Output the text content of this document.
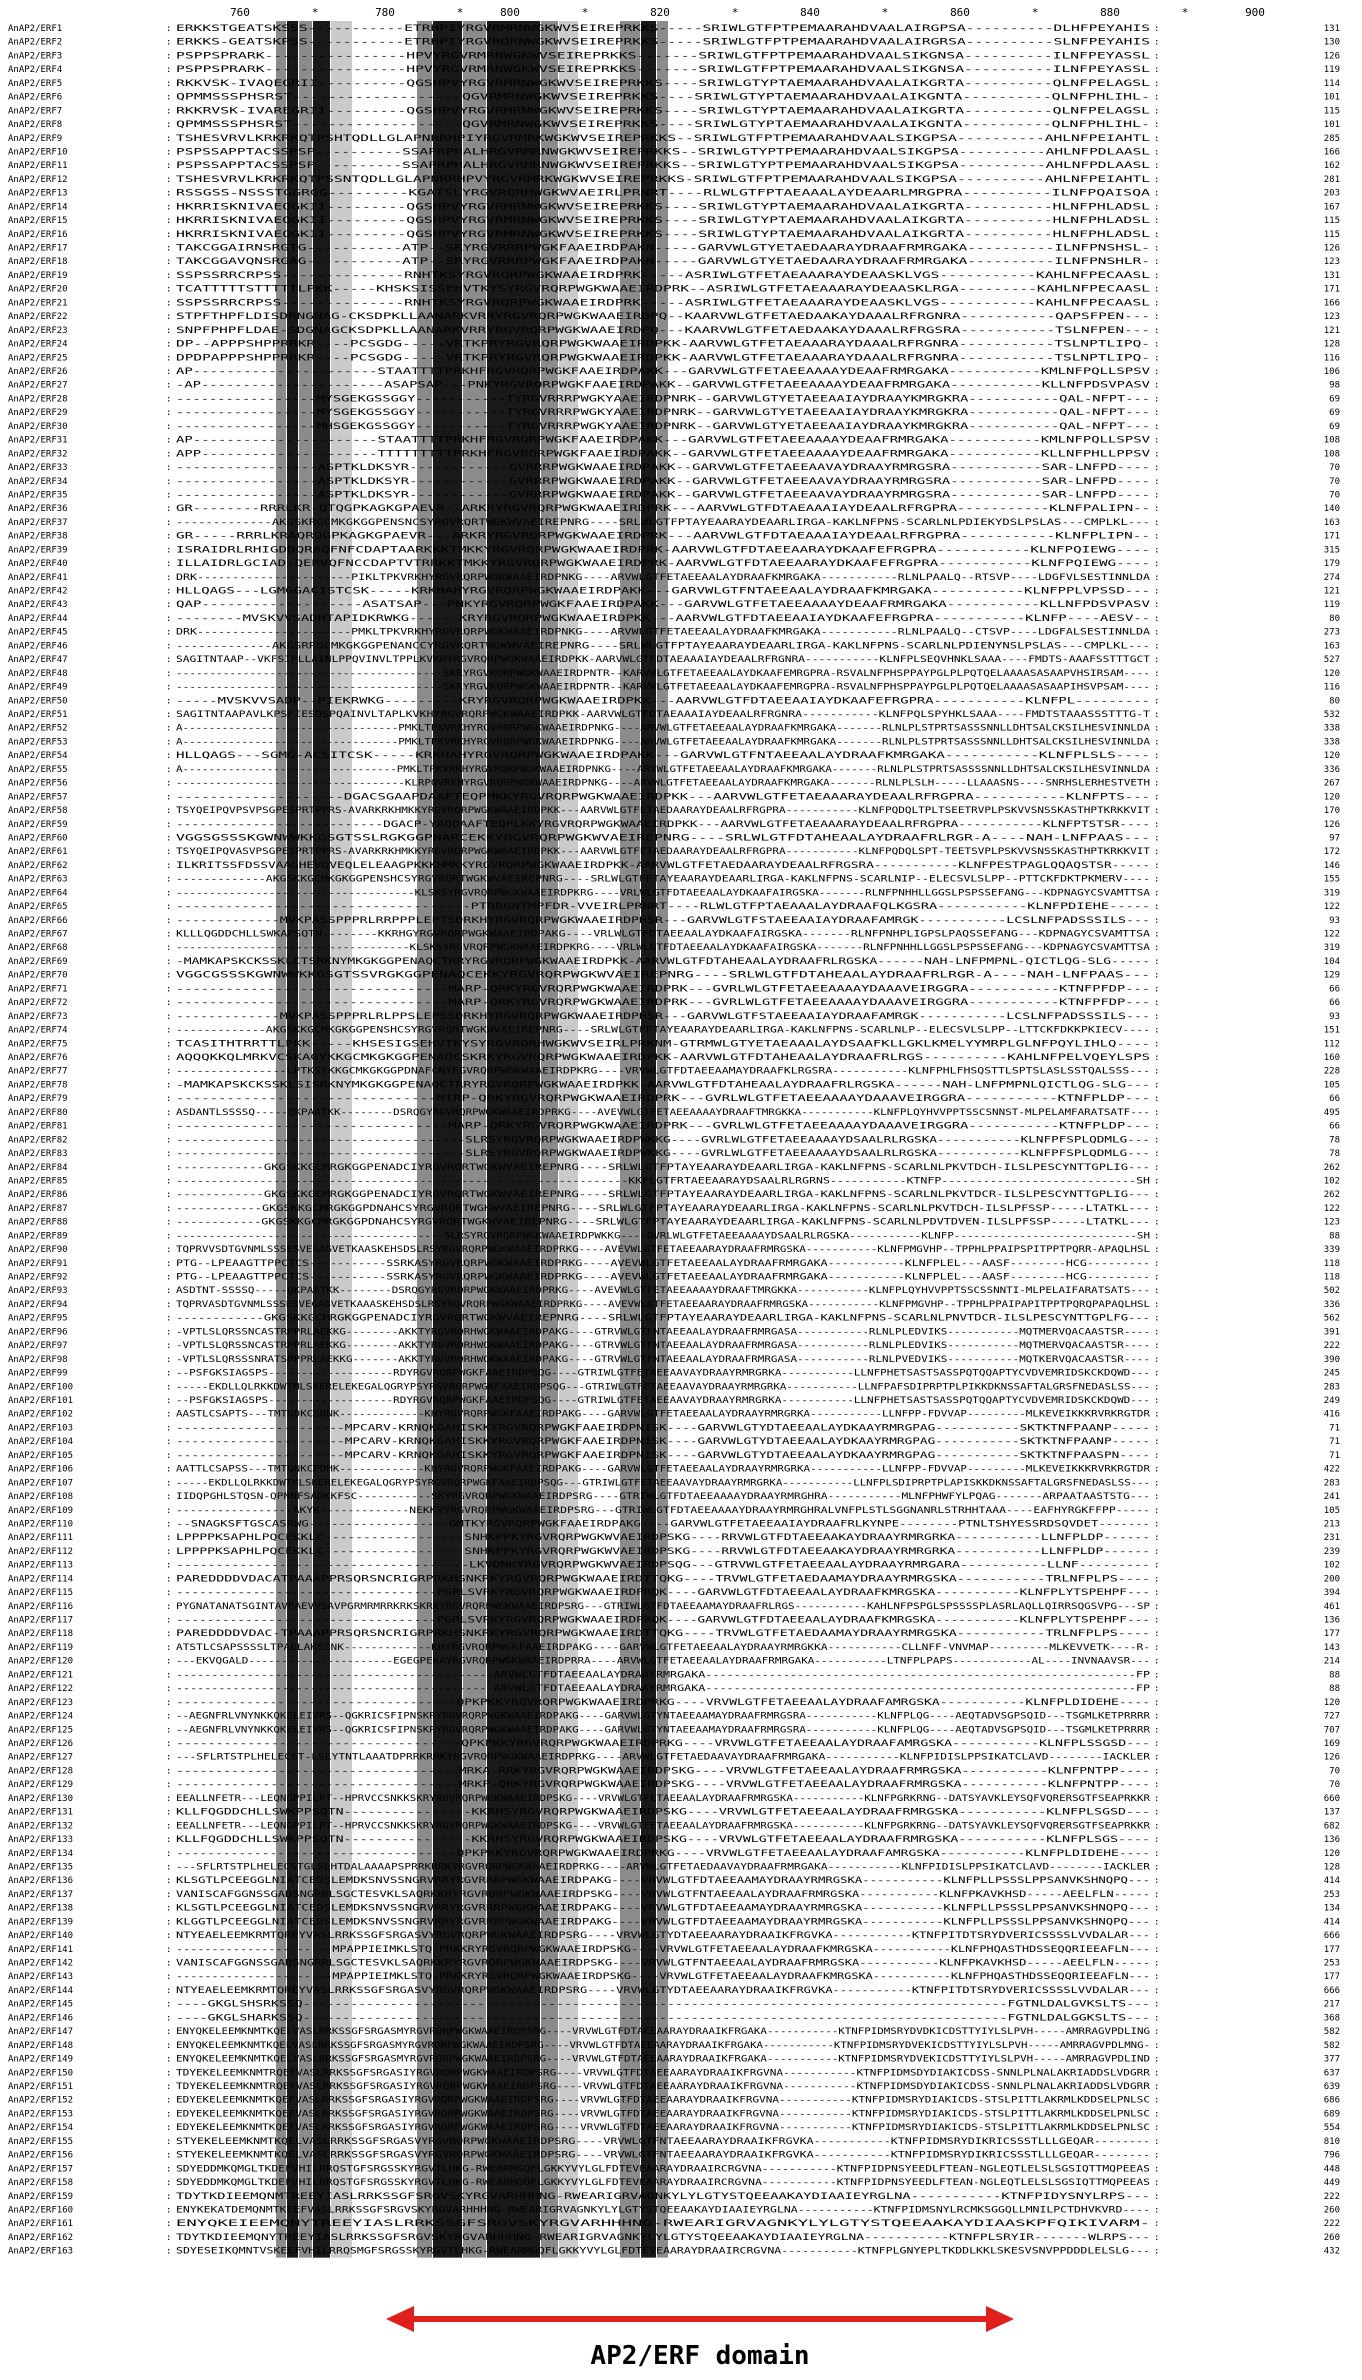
760	780	800	820	840	860	880	900
*	*	*	*	*	*	*
AnAP2/ERF1	: ERKKSTGEATSKSSS-----------ETRHPIYRGVRMRNWGKWVSEIREPRKKS-----SRIWLGTFPTPEMAARAHDVAALAIRGPSA----------DLHFPEYAHIS :	131
AnAP2/ERF2	: ERKKS-GEATSKPSS-----------ETRHPIYRGVRQRNWGKWVSEIREPRKKS-----SRIWLGTFPTPEMAARAHDVAALAIRGRSA----------SLNFPEYAHIS :	130
AnAP2/ERF3	: PSPPSPRARK----------------HPVYRGVRMRNWGKWVSEIREPRKKS-------SRIWLGTFPTPEMAARAHDVAALSIKGNSA----------ILNFPEYASSL :	126
AnAP2/ERF4	: PSPPSPRARK----------------HPVYRGVRMRNWGKWVSEIREPRKKS-------SRIWLGTFPTPEMAARAHDVAALSIKGNSA----------ILNFPEYASSL :	119
AnAP2/ERF5	: RKKVSK-IVAQEGRII----------QGSHPVYRGVRMRNWGKWVSEIREPRKKS----SRIWLGTYPTAEMAARAHDVAALAIKGRTA----------QLNFPELAGSL :	114
AnAP2/ERF6	: QPMMSSSPHSRST-------------------QGVRMRNWGKWVSEIREPRKKS----SRIWLGTYPTAEMAARAHDVAALAIKGNTA----------QLNFPHLIHL- :	101
AnAP2/ERF7	: RKKRVSK-IVAREGRII---------QGSHPVYRGVRMRNWGKWVSEIREPRKKS----SRIWLGTYPTAEMAARAHDVAALAIKGRTA----------QLNFPELAGSL :	115
AnAP2/ERF8	: QPMMSSSPHSRST-------------------QGVRMRNWGKWVSEIREPRKKS----SRIWLGTYPTAEMAARAHDVAALAIKGNTA----------QLNFPHLIHL- :	101
AnAP2/ERF9	: TSHESVRVLKRKRKQTPSHTQDLLGLAPNRRHPIYRGVRMRKWGKWVSEIREPRKKS--SRIWLGTFPTPEMAARAHDVAALSIKGPSA----------AHLNFPEIAHTL :	285
AnAP2/ERF10	: PSPSSAPPTACSSPSP----------SSAPRPHALHRGVRMRNWGKWVSEIREPRKKS--SRIWLGTYPTPEMAARAHDVAALSIKGPSA----------AHLNFPDLAASL :	166
AnAP2/ERF11	: PSPSSAPPTACSSPSP----------SSAPRPHALHRGVRMRNWGKWVSEIREPRKKS--SRIWLGTYPTPEMAARAHDVAALSIKGPSA----------AHLNFPDLAASL :	162
AnAP2/ERF12	: TSHESVRVLKRKRKQTPSSNTQDLLGLAPNRRHPVYRGVRMRKWGKWVSEIREPRKKS-SRIWLGTFPTPEMAARAHDVAALSIKGPSA----------AHLNFPEIAHTL :	281
AnAP2/ERF13	: RSSGSS-NSSSTGGRGG---------KGATSLYRGVRQRHWGKWVAEIRLPRNRT----RLWLGTFPTAEAAALAYDEAARLMRGPRA----------ILNFPQAISQA :	203
AnAP2/ERF14	: HKRRISKNIVAEQGKII---------QGSHPVYRGVRMRNWGKWVSEIREPRKKS----SRIWLGTYPTAEMAARAHDVAALAIKGRTA----------HLNFPHLADSL :	167
AnAP2/ERF15	: HKRRISKNIVAEQGKII---------QGSHPVYRGVRMRNWGKWVSEIREPRKKS----SRIWLGTYPTAEMAARAHDVAALAIKGRTA----------HLNFPHLADSL :	115
AnAP2/ERF16	: HKRRISKNIVAEQGKII---------QGSHPVYRGVRMRNWGKWVSEIREPRKKS----SRIWLGTYPTAEMAARAHDVAALAIKGRTA----------HLNFPHLADSL :	115
AnAP2/ERF17	: TAKCGGAIRNSRGTG-----------ATP--SRYRGVRRRPWGKFAAEIRDPAKN-----GARVWLGTYETAEDAARAYDRAAFRMRGAKA----------ILNFPNSHSL- :	126
AnAP2/ERF18	: TAKCGGAVQNSRGAG-----------ATP--SRYRGVRRRPWGKFAAEIRDPAKN-----GARVWLGTYETAEDAARAYDRAAFRMRGAKA----------ILNFPNSHLR- :	123
AnAP2/ERF19	: SSPSSRRCRPSS--------------RNHTKSYRGVRQRPWGKWAAEIRDPRK-----ASRIWLGTFETAEAAARAYDEAASKLVGS-----------KAHLNFPECAASL :	131
AnAP2/ERF20	: TCATTTTTSTTTTTLPKK-----KHSKSISSEHVTKYSYRGVRQRPWGKWAAEIRDPRK--ASRIWLGTFETAEAAARAYDEAASKLRGA---------KAHLNFPECAASL :	171
AnAP2/ERF21	: SSPSSRRCRPSS--------------RNHTKSYRGVRQRPWGKWAAEIRDPRK-----ASRIWLGTFETAEAAARAYDEAASKLVGS-----------KAHLNFPECAASL :	166
AnAP2/ERF22	: STPFTHPFLDISDRNGNAG-CKSDPKLLAANARKVRRYRGVRQRPWGKWAAEIRDPQ--KAARVWLGTFETAEDAAKAYDAAALRFRGNRA-----------QAPSFPEN--- :	123
AnAP2/ERF23	: SNPFPHPFLDAE-SDGNAGCKSDPKLLAANARKVRRYRGVRQRPWGKWAAEIRDPQ---KAARVWLGTFETAEDAAKAYDAAALRFRGSRA-----------TSLNFPEN--- :	121
AnAP2/ERF24	: DP--APPPSHPPRRKR----PCSGDG-----VRTKPRYRGVRQRPWGKWAAEIRDPKK-AARVWLGTFETAEAAARAYDAAALRFRGNRA-----------TSLNPTLIPQ- :	128
AnAP2/ERF25	: DPDPAPPPSHPPRRKR----PCSGDG-----VRTKPRYRGVRQRPWGKWAAEIRDPKK-AARVWLGTFETAEAAARAYDAAALRFRGNRA-----------TSLNPTLIPQ- :	116
AnAP2/ERF26	: AP----------------------STAATTTTPRKHFRGVRQRPWGKFAAEIRDPAKK---GARVWLGTFETAEEAAAAYDEAAFRMRGAKA-----------KMLNFPQLLSPSV :	106
AnAP2/ERF27	: -AP----------------------ASAPSAP---PNKYRGVRQRPWGKFAAEIRDPAKK--GARVWLGTFETAEEAAAAYDEAAFRMRGAKA-----------KLLNFPDSVPASV :	98
AnAP2/ERF28	: -----------------MYSGEKGSSGGY-----------TYRGVRRRPWGKYAAEIRDPNRK--GARVWLGTYETAEEAAIAYDRAAYKMRGKRA-----------QAL-NFPT--- :	69
AnAP2/ERF29	: -----------------MYSGEKGSSGGY-----------TYRGVRRRPWGKYAAEIRDPNRK--GARVWLGTYETAEEAAIAYDRAAYKMRGKRA-----------QAL-NFPT--- :	69
AnAP2/ERF30	: -----------------MHSGEKGSSGGY-----------TYRGVRRRPWGKYAAEIRDPNRK--GARVWLGTYETAEEAAIAYDRAAYKMRGKRA-----------QAL-NFPT--- :	69
AnAP2/ERF31	: AP----------------------STAATTTTPRKHFRGVRQRPWGKFAAEIRDPAKK---GARVWLGTFETAEEAAAAYDEAAFRMRGAKA-----------KMLNFPQLLSPSV :	108
AnAP2/ERF32	: APP---------------------TTTTTTTTTPRKHFRGVRQRPWGKFAAEIRDPAKK--GARVWLGTFETAEEAAAAYDEAAFRMRGAKA-----------KLLNFPHLLPPSV :	108
AnAP2/ERF33	: -----------------ASPTKLDKSYR------------GVRRRPWGKWAAEIRDPAKK--GARVWLGTFETAEEAAVAYDRAAYRMRGSRA-----------SAR-LNFPD---- :	70
AnAP2/ERF34	: -----------------ASPTKLDKSYR------------GVRRRPWGKWAAEIRDPAKK--GARVWLGTFETAEEAAVAYDRAAYRMRGSRA-----------SAR-LNFPD---- :	70
AnAP2/ERF35	: -----------------ASPTKLDKSYR------------GVRRRPWGKWAAEIRDPAKK--GARVWLGTFETAEEAAVAYDRAAYRMRGSRA-----------SAR-LNFPD---- :	70
AnAP2/ERF36	: GR--------RRRLKR-QTQGPKAGKGPAEVR--ARKRYRGVRQRPWGKWAAEIRDPRK---AARVWLGTFDTAEAAAIAYDEAALRFRGPRA-----------KLNFPALIPN-- :	140
AnAP2/ERF37	: -------------AKGSKRGCMKGKGGPENSNCSYRGVRQRTWGKWVAEIREPNRG----SRLWLGTFPTAYEAARAYDEAARLIRGA-KAKLNFPNS-SCARLNLPDIEKYDSLPSLAS---CMPLKL--- :	163
AnAP2/ERF38	: GR-----RRRLKRAQRQGPKAGKGPAEVR---ARKRYRGVRQRPWGKWAAEIRDPRK---AARVWLGTFDTAEAAAIAYDEAALRFRGPRA-----------KLNFPLIPN-- :	171
AnAP2/ERF39	: ISRAIDRLRHIGDDQRAQFNFCDAPTAARKKKTMKKYRGVRQRPWGKWAAEIRDPRK-AARVWLGTFDTAEEAARAYDKAAFEFRGPRA-----------KLNFPQIEWG---- :	315
AnAP2/ERF40	: ILLAIDRLGCIAD-QERVQFNCCDAPTVTRRKKTMKKYRGVRQRPWGKWAAEIRDPRK-AARVWLGTFDTAEEAARAYDKAAFEFRGPRA-----------KLNFPQIEWG---- :	179
AnAP2/ERF41	: DRK----------------------PIKLTPKVRKHYRGVRQRPWGKWAAEIRDPNKG----ARVWLGTFETAEEAALAYDRAAFKMRGAKA-----------RLNLPAALQ--RTSVP----LDGFVLSESTINNLDA :	274
AnAP2/ERF42	: HLLQAGS---LGMGGACISTCSK-----KRKHAHYRGVRQRPWGKWAAEIRDPAKK---GARVWLGTFNTAEEAALAYDRAAFKMRGAKA-----------KLNFPPLVPSSD--- :	121
AnAP2/ERF43	: QAP-------------------ASATSAP---PNKYRGVRQRPWGKFAAEIRDPAKK---GARVWLGTFETAEEAAAAYDEAAFRMRGAKA-----------KLLNFPDSVPASV :	119
AnAP2/ERF44	: --------MVSKVVSADHTAPIDKRWKG------KRYRGVRQRPWGKWAAEIRDPKK---AARVWLGTFDTAEEAAIAYDKAAFEFRGPRA-----------KLNFP----AESV-- :	80
AnAP2/ERF45	: DRK----------------------PMKLTPKVRKHYRGVRQRPWGKWAAEIRDPNKG----ARVWLGTFETAEEAALAYDRAAFKMRGAKA-----------RLNLPAALQ--CTSVP----LDGFALSESTINNLDA :	273
AnAP2/ERF46	: -------------AKGSRRGCMKGKGGPENANCCYRGVRQRTWGKWVAEIREPNRG----SRLWLGTFPTAYEAARAYDEAARLIRGA-KAKLNFPNS-SCARLNLPDIENYNSLPSLAS---CMPLKL--- :	163
AnAP2/ERF47	: SAGITNTAAP--VKFSIPLLAINLPPQVINVLTPPLKVKHYRGVRQRPWGKWAAEIRDPKK-AARVWLGTFDTAEAAAIAYDEAALRFRGNRA-----------KLNFPLSEQVHNKLSAAA----FMDTS-AAAFSSTTTGCT :	527
AnAP2/ERF48	: ----------------------------------------SKRYRGVRQRPWGKWAAEIRDPNTR--KARVWLGTFETAEEAALAYDKAAFEMRGPRA-RSVALNFPHSPPAYPGLPLPQTQELAAAASASAAPVHSIRSAM---- :	120
AnAP2/ERF49	: ----------------------------------------SKRYRGVRQRPWGKWAAEIRDPNTR--KARVWLGTFETAEEAALAYDKAAFEMRGPRA-RSVALNFPHSPPAYPGLPLPQTQELAAAASASAAPIHSVPSAM---- :	116
AnAP2/ERF50	: -----MVSKVVSADP--PIEKRWKG---------KRYRGVRQRPWGKWAAEIRDPKK---AARVWLGTFDTAEEAAIAYDKAAFEFRGPRA-----------KLNFPL--------- :	80
AnAP2/ERF51	: SAGITNTAAPAVLKPSFIESDSPQAINVLTAPLKVKHYRGVRQRPWGKWAAEIRDPKK-AARVWLGTFDTAEAAAIAYDEAALRFRGNRA-----------KLNFPQLSPYHKLSAAA----FMDTSTAAASSSTTTG-T :	532
AnAP2/ERF52	: A---------------------------------PMKLTPKVRKHYRGVRQRPWGKWAAEIRDPNKG----ARVWLGTFETAEEAALAYDRAAFKMRGAKA-------RLNLPLSTPRTSASSSNNLLDHTSALCKSILHESVINNLDA :	338
AnAP2/ERF53	: A---------------------------------PMKLTPKVRKHYRGVRQRPWGKWAAEIRDPNKG----ARVWLGTFETAEEAALAYDRAAFKMRGAKA-------RLNLPLSTPRTSASSSNNLLDHTSALCKSILHESVINNLDA :	338
AnAP2/ERF54	: HLLQAGS---SGMG-ACSITCSK-----KRKHAHYRGVRQRPWGKWAAEIRDPAKK---GARVWLGTFNTAEEAALAYDRAAFKMRGAKA-----------KLNFPLSLS---- :	120
AnAP2/ERF55	: A---------------------------------PMKLTPKVRKHYRGVRQRPWGKWAAEIRDPNKG----ARVWLGTFETAEEAALAYDRAAFKMRGAKA-------RLNLPLSTPRTSASSSSNNLLDHTSALCKSILHESVINNLDA :	336
AnAP2/ERF56	: -----------------------------------KLRPQVRKHYRGVRQRPWGKWAAEIRDPNKG----ARVWLGTFETAEEAALAYDRAAFKMRGAKA-------RLNLPLSLH-----LLAAASNS----SNRHSLERHESTVETH :	267
AnAP2/ERF57	: --------------------DGACSGAAPDAAFTEQPMKKYRGVRQRPWGKWAAEIRDPKK---AARVWLGTFETAEAAARAYDEAALRFRGPRA-----------KLNFPTS--- :	120
AnAP2/ERF58	: TSYQEIPQVPSVPSGPESPRTPPRS-AVARKRKHMKKYRGVRQRPWGKWAAEIRDPKK---AARVWLGTFETAEDAARAYDEAALRFRGPRA-----------KLNFPQDQLTPLTSEETRVPLPSKVVSNSSKASTHPTKRKKVIT :	170
AnAP2/ERF59	: ---------------------------DGACP-YAQDAAFTEQPLKKYRGVRQRPWGKWAAEIRDPKK---AARVWLGTFETAEAAARAYDEAALRFRGPRA-----------KLNFPTSTSR---- :	126
AnAP2/ERF60	: VGGSGSSSKGWNWWKKGSGTSSLRGKGGPNARCEKKYRGVRQRPWGKWVAEIREPNRG----SRLWLGTFDTAHEAALAYDRAAFRLRGR-A----NAH-LNFPAAS--- :	97
AnAP2/ERF61	: TSYQEIPQVASVPSGPESPRTPPRS-AVARKRKHMKKYRGVRQRPWGKWAAEIRDPKK---AARVWLGTFETAEDAARAYDEAALRFRGPRA-----------KLNFPQDQLSPT-TEETSVPLPSKVVSNSSKASTHPTKRKKVIT :	172
AnAP2/ERF62	: ILKRITSSFDSSVAAGHEVQVEQLELEAAGPKKKHMKKYRGVRQRPWGKWAAEIRDPKK-AARVWLGTFETAEDAARAYDEAALRFRGSRA-----------KLNFPESTPAGLQQAQSTSR----- :	146
AnAP2/ERF63	: -------------AKGSKKGCMKGKGGPENSHCSYRGVRQRTWGKWVAEIREPNRG----SRLWLGTFPTAYEAARAYDEAARLIRGA-KAKLNFPNS-SCARLNIP--ELECSVLSLPP--PTTCKFDKTPKMERV---- :	155
AnAP2/ERF64	: ------------------------------------KLSKSYRGVRQRPWGKWAAEIRDPKRG----VRLWLGTFDTAEEAALAYDKAAFAIRGSKA-------RLNFPNHHLLGGSLPSPSSEFANG---KDPNAGYCSVAMTTSA :	319
AnAP2/ERF65	: ------------------------------------PTRRGNTMPFDR-VVEIRLPRNRT----RLWLGTFPTAEAAALAYDRAAFQLKGSRA-----------KLNFPDIEHE----- :	122
AnAP2/ERF66	: -------------MVKPASSPPPRLRRPPPLEPTSDRKHYRGVRQRPWGKWAAEIRDPHSR---GARVWLGTFSTAEEAAIAYDRAAFAMRGK-----------LCSLNFPADSSSILS--- :	93
AnAP2/ERF67	: KLLLQGDDCHLLSWKAPSQTN--------KKRHGYRGVRQRPWGKWAAEIRDPAKG----VRLWLGTFDTAEEAALAYDKAAFAIRGSKA-------RLNFPNHPLIGPSLPAQSSEFANG---KDPNAGYCSVAMTTSA :	122
AnAP2/ERF68	: -----------------------------------KLSKSYRGVRQRPWGKWAAEIRDPKRG----VRLWLGTFDTAEEAALAYDKAAFAIRGSKA-------RLNFPNHHLLGGSLPSPSSEFANG---KDPNAGYCSVAMTTSA :	319
AnAP2/ERF69	: -MAMKAPSKCKSSKLCTSRKNYMKGKGGPENAQCTRRYRGVRQRPWGKWAAEIRDPKK-AARVWLGTFDTAHEAALAYDRAAFRLRGSKA------NAH-LNFPMPNL-QICTLQG-SLG----- :	104
AnAP2/ERF70	: VGGCGSSSKGWNWWKKGSGTSSVRGKGGPENAQCEKKYRGVRQRPWGKWVAEIREPNRG----SRLWLGTFDTAHEAALAYDRAAFRLRGR-A----NAH-LNFPAAS--- :	129
AnAP2/ERF71	: ---------------------------------MARP-QRKYRGVRQRPWGKWAAEIRDPRK---GVRLWLGTFETAEEAAAAYDAAAVEIRGGRA-----------KTNFPFDP--- :	66
AnAP2/ERF72	: ---------------------------------MARP-QRKYRGVRQRPWGKWAAEIRDPRK---GVRLWLGTFETAEEAAAAYDAAAVEIRGGRA-----------KTNFPFDP--- :	66
AnAP2/ERF73	: -------------MVKPASSPPPRLRLPPSLEPSSDRKHYRGVRQRPWGKWAAEIRDPHSR---GARVWLGTFSTAEEAAIAYDRAAFAMRGK-----------LCSLNFPADSSSILS--- :	93
AnAP2/ERF74	: -------------AKGSKKGCMKGKGGPENSHCSYRGVRQRTWGKWVAEIREPNRG----SRLWLGTFPTAYEAARAYDEAARLIRGA-KAKLNFPNS-SCARLNLP--ELECSVLSLPP--LTTCKFDKKPKIECV---- :	151
AnAP2/ERF75	: TCASITHTRRTTLPKK-----KHSESIGSEHVTKYSYRGVRQRHWGKWVSEIRLPRKNM-GTRMWLGTYETAEAAALAYDSAAFKLLGKLKMELYYMRPLGLNFPQYLIHLQ---- :	112
AnAP2/ERF76	: AQQQKKQLMRKVCSKAGYKKGCMKGKGGPENAQCSKRKYRGVRQRPWGKWAAEIRDPKK-AARVWLGTFDTAHEAALAYDRAAFRLRGS----------KAHLNFPELVQEYLSPS :	160
AnAP2/ERF77	: ----------------LPTKSYKKGCMKGKGGPDNAFCNYRGVRQRPWGKWAAEIRDPKRG----VRVWLGTFDTAEEAAMAYDRAAFKLRGSRA-----------KLNFPHLFHSQSTTLSPTSLASLSSTQALSSS--- :	228
AnAP2/ERF78	: -MAMKAPSKCKSSKLSISRKNYMKGKGGPENAQCTRRYRGVRQRPWGKWAAEIRDPKK-AARVWLGTFDTAHEAALAYDRAAFRLRGSKA------NAH-LNFPMPNLQICTLQG-SLG--- :	105
AnAP2/ERF79	: -------------------------------MTRP-QRKYRGVRQRPWGKWAAEIRDPRK---GVRLWLGTFETAEEAAAAYDAAAVEIRGGRA-----------KTNFPLDP--- :	66
AnAP2/ERF80	: ASDANTLSSSSQ-----QKPAATKK--------DSRQGYRGVRQRPWGKWAAEIRDPRKG----AVEVWLGTFETAEEAAAAYDRAAFTMRGKKA-----------KLNFPLQYHVVPPTSSCSNNST-MLPELAMFARATSATF--- :	495
AnAP2/ERF81	: ---------------------------------MARP-QRKYRGVRQRPWGKWAAEIRDPRK---GVRLWLGTFETAEEAAAAYDAAAVEIRGGRA-----------KTNFPLDP--- :	66
AnAP2/ERF82	: --------------------------------------SLRSYRGVRQRPWGKWAAEIRDPWKKG----GVRLWLGTFETAEEAAAAYDSAALRLRGSKA-----------KLNFPFSPLQDMLG--- :	78
AnAP2/ERF83	: --------------------------------------SLRSYRGVRQRPWGKWAAEIRDPWKKG----GVRLWLGTFETAEEAAAAYDSAALRLRGSKA-----------KLNFPFSPLQDMLG--- :	78
AnAP2/ERF84	: ------------GKGSKKGCMRGKGGPENADCIYRGVRQRTWGKWVAEIREPNRG----SRLWLGTFPTAYEAARAYDEAARLIRGA-KAKLNFPNS-SCARLNLPKVTDCH-ILSLPESCYNTTGPLIG--- :	262
AnAP2/ERF85	: -----------------------------------------------------------------KKFLGTFRTAEEAARAYDSAALRLRGRNS-----------KTNFP----------------------------SH :	102
AnAP2/ERF86	: ------------GKGSKKGCMRGKGGPENADCIYRGVRQRTWGKWVAEIREPNRG----SRLWLGTFPTAYEAARAYDEAARLIRGA-KAKLNFPNS-SCARLNLPKVTDCR-ILSLPESCYNTTGPLIG--- :	262
AnAP2/ERF87	: ------------GKGSKKGCMRGKGGPDNAHCSYRGVRQRTWGKWVAEIREPNRG----SRLWLGTFPTAYEAARAYDEAARLIRGA-KAKLNFPNS-SCARLNLPKVTDCH-ILSLPFSSP-----LTATKL--- :	122
AnAP2/ERF88	: ------------GKGSKKGCMRGKGGPDNAHCSYRGVRQRTWGKWVAEIREPNRG----SRLWLGTFPTAYEAARAYDEAARLIRGA-KAKLNFPNS-SCARLNLPDVTDVEN-ILSLPFSSP-----LTATKL--- :	123
AnAP2/ERF89	: -----------------------------------------SLRSYRGVRQRPWGKWAAEIRDPWKKG----GVRLWLGTFETAEEAAAAYDSAALRLRGSKA-----------KLNFP----------------------------SH :	88
AnAP2/ERF90	: TQPRVVSDTGVNMLSSSESVEGAGVETKAASKEHSDSLRSYRGVRQRPWGKWAAEIRDPRKG----AVEVWLGTFETAEEAARAYDRAAFRMRGSKA-----------KLNFPMGVHP--TPPHLPPAIPSPITPPTPQRR-APAQLHSL :	339
AnAP2/ERF91	: PTG--LPEAAGTTPPCTCS-----------SSRKASYRGVRQRPWGKWAAEIRDPRKG----AVEVWLGTFETAEEAALAYDRAAFRMRGAKA-----------KLNFPLEL---AASF--------HCG--------- :	118
AnAP2/ERF92	: PTG--LPEAAGTTPPCTCS-----------SSRKASYRGVRQRPWGKWAAEIRDPRKG----AVEVWLGTFETAEEAALAYDRAAFRMRGAKA-----------KLNFPLEL---AASF--------HCG--------- :	118
AnAP2/ERF93	: ASDTNT-SSSSQ-----QKPAATKK--------DSRQGYRGVRQRPWGKWAAEIRDPRKG----AVEVWLGTFETAEEAAAAYDRAAFTMRGKKA-----------KLNFPLQYHVVPPTSSCSSNNTI-MLPELAIFARATSATS--- :	502
AnAP2/ERF94	: TQPRVASDTGVNMLSSSESVEGAGVETKAAASKEHSDSLRSYRGVRQRPWGKWAAEIRDPRKG----AVEVWLGTFETAEEAARAYDRAAFRMRGSKA-----------KLNFPMGVHP--TPPHLPPAIPAPITPPTPQRQPAPAQLHSL :	336
AnAP2/ERF95	: ------------GKGSKKGCMRGKGGPENADCIYRGVRQRTWGKWVAEIREPNRG----SRLWLGTFPTAYEAARAYDEAARLIRGA-KAKLNFPNS-SCARLNLPNVTDCR-ILSLPESCYNTTGPLFG--- :	562
AnAP2/ERF96	: -VPTLSLQRSSNCASTRPPRLAEKKG--------AKKTYRGVRQRHWGKWAAEIRDPAKG----GTRVWLGTFNTAEEAALAYDRAAFRMRGASA-----------RLNLPLEDVIKS-----------MQTMERVQACAASTSR---- :	391
AnAP2/ERF97	: -VPTLSLQRSSNCASTRPPRLAEKKG--------AKKTYRGVRQRHWGKWAAEIRDPAKG----GTRVWLGTFNTAEEAALAYDRAAFRMRGASA-----------RLNLPLEDVIKS-----------MQTMERVQACAASTSR---- :	222
AnAP2/ERF98	: -VPTLSLQRSSSNRATSRPPRLAEKKG-------AKKTYRGVRQRHWGKWAAEIRDPAKG----GTRVWLGTFNTAEEAALAYDRAAFRMRGASA-----------RLNLPVEDVIKS-----------MQTKERVQACAASTSR---- :	390
AnAP2/ERF99	: --PSFGKSIAGSPS-------------------RDYRGVRQRPWGKFAAEIRDPSQG----GTRIWLGTFETAEEAAVAYDRAAYRMRGRKA-----------LLNFPHETSASTSASSPQTQQAPTYCVDVEMRIDSKCKDQWD--- :	245
AnAP2/ERF100	: -----EKDLLQLRKKDWTMLSKERELEKEGALQGRYPSYRGVRQRPWGKFAAEIRDPSQG---GTRIWLGTFETAEEAAVAYDRAAYRMRGRKA-----------LLNFPAFSDIPRPTPLPIKKDKNSSAFTALGRSFNEDASLSS--- :	283
AnAP2/ERF101	: --PSFGKSIAGSPS-------------------RDYRGVRQRPWGKFAAEIRDPSQG----GTRIWLGTFETAEEAAVAYDRAAYRMRGRKA-----------LLNFPHETSASTSASSPQTQQAPTYCVDVEMRIDSKCKDQWD--- :	249
AnAP2/ERF102	: AASTLCSAPTS---TMTGDKCSNNK-------------KHYRGVRQRPWGKFAAEIRDPAKG----GARVWLGTFETAEEAALAYDRAAYRMRGRKA-----------LLNFPP-FDVVAP---------MLKEVEIKKKRVRKRGTDR :	416
AnAP2/ERF103	: ----------------------MPCARV-KRNQKGAHISKKYRGVRQRPWGKFAAEIRDPNISK----GARVWLGTYDTAEEAALAYDKAAYRMRGPAG-----------SKTKTNFPAANP----- :	71
AnAP2/ERF104	: ----------------------MPCARV-KRNQKGAHISKKYRGVRQRPWGKFAAEIRDPNISK----GARVWLGTYDTAEEAALAYDKAAYRMRGPAG-----------SKTKTNFPAANP----- :	71
AnAP2/ERF105	: ----------------------MPCARV-KRNQKGAHISKKYRGVRQRPWGKFAAEIRDPNISK----GARVWLGTYDTAEEAALAYDKAAYRMRGPAG-----------SKTKTNFPAASPN---- :	71
AnAP2/ERF106	: AATTLCSAPSS---TMTGNKCPDHK-------------KHYRGVRQRPWGKFAAEIRDPAKG----GARVWLGTFETAEEAALAYDRAAYRMRGRKA-----------LLNFPP-FDVVAP---------MLKEVEIKKKRVRKRGTDR :	422
AnAP2/ERF107	: -----EKDLLQLRKKDWTMLSKERELEKEGALQGRYPSYRGVRQRPWGKFAAEIRDPSQG---GTRIWLGTFETAEEAAVAYDRAAYRMRGRKA-----------LLNFPLSDIPRPTPLAPISKKDKNSSAFTALGRSFNEDASLSS--- :	283
AnAP2/ERF108	: IIDQPGHLSTQSN-QPNNFSADKKFSC-----------SKYRGVRQRPWGKWAAEIRDPSRG----GTRIWLGTFDTAEEAAAAYDRAAYRMRGHRA-----------MLNFPHWFYLPQAG-------ARPAATAASTSTG--- :	241
AnAP2/ERF109	: -----------------AKYK-------------NEKKVYRGVRQRPWGKWAAEIRDPSRG---GTRIWLGTFDTAEEAAAAYDRAAYRMRGHRALVNFPLSTLSGGNANRLSTRHHTAAA----EAFHYRGKFFPP----- :	105
AnAP2/ERF110	: --SNAGKSFTGSCASRWG-------------------GMTKYRGVRQRPWGKFAAEIRDPAKG----GARVWLGTFETAEEAAIAYDRAAFRLKYNPE--------PTNLTSHYESSRDSQVDET------- :	213
AnAP2/ERF111	: LPPPPKSAPHLPQCEKKLC------------------SNHKPPKYRGVRQRPWGKWVAEIRDPSKG----RRVWLGTFDTAEEAAKAYDRAAYRMRGRKA-----------LLNFPLDP------ :	231
AnAP2/ERF112	: LPPPPKSAPHLPQCEKKLC------------------SNHKPPKYRGVRQRPWGKWVAEIRDPSKG----RRVWLGTFDTAEEAAKAYDRAAYRMRGRKA-----------LLNFPLDP------ :	239
AnAP2/ERF113	: -------------------------------------LKVDNKYRGVRQRPWGKWVAEIRDPSQG---GTRVWLGTFETAEEAALAYDRAAYRMRGARA-----------LLNF--------- :	102
AnAP2/ERF114	: PAREDDDDVDACATPAAAPPRSQRSNCRIGRPRKHSNKRKYRGVRQRPWGKWAAEIRDTTQKG----TRVWLGTFETAEDAAMAYDRAAYRMRGSKA-----------TRLNFPLPS---- :	200
AnAP2/ERF115	: ----------------------------------PGRLSVRKYRGVRQRPWGKWAAEIRDPRQK----GARVWLGTFDTAEEAALAYDRAAFKMRGSKA-----------KLNFPLYTSPEHPF--- :	394
AnAP2/ERF116	: PYGNATANATSGINTAVPAEVVSAVPGRMRMRRKRKSKRKYRGVRQRPWGKWAAEIRDPSRG---GTRIWLGTFDTAEEAAMAYDRAAFRLRGS-----------KAHLNFPSPGLSPSSSSPLASRLAQLLQIRRSQGSVPG---SP :	461
AnAP2/ERF117	: ----------------------------------PGRLSVRKYRGVRQRPWGKWAAEIRDPRQK----GARVWLGTFDTAEEAALAYDRAAFKMRGSKA-----------KLNFPLYTSPEHPF--- :	136
AnAP2/ERF118	: PAREDDDDVDAC-TPAAAPPRSQRSNCRIGRPRKHSNKRKYRGVRQRPWGKWAAEIRDTTQKG----TRVWLGTFETAEDAAMAYDRAAYRMRGSKA-----------TRLNFPLPS---- :	177
AnAP2/ERF119	: ATSTLCSAPSSSSLTPAELAKSSNK-------------KHYRGVRQRPWGKFAAEIRDPAKG----GARVWLGTFETAEEAALAYDRAAYRMRGKKA-----------CLLNFF-VNVMAP---------MLKEVVETK----R- :	143
AnAP2/ERF120	: ---EKVQGALD----------------------EGEGPEKAYRGVRQRPWGKWAAEIRDPRRA----ARVWLGTFETAEEAALAYDRAAFRMRGAKA-----------LTNFPLPAPS------------AL----INVNAAVSR--- :	214
AnAP2/ERF121	: ---------------------------------------------ARVWLGTFDTAEEAALAYDRAAYRMRGAKA-------------------------------------------------------------FP :	88
AnAP2/ERF122	: ---------------------------------------------ARVWLGTFDTAEEAALAYDRAAYRMRGAKA-------------------------------------------------------------FP :	88
AnAP2/ERF123	: ------------------------------------QPKPKKYRGVRQRPWGKWAAEIRDPRKG----VRVWLGTFETAEEAALAYDRAAFAMRGSKA-----------KLNFPLDIDEHE---- :	120
AnAP2/ERF124	: --AEGNFRLVNYNKKQKELEIVRS--QGKRICSFIPNSKRYRGVRQRPWGKWAAEIRDPAKG----GARVWLGTYNTAEEAAMAYDRAAFRMRGSRA-----------KLNFPLQG----AEQTADVSGPSQID---TSGMLKETPRRRR :	727
AnAP2/ERF125	: --AEGNFRLVNYNKKQKELEIVRS--QGKRICSFIPNSKRYRGVRQRPWGKWAAEIRDPAKG----GARVWLGTYNTAEEAAMAYDRAAFRMRGSRA-----------KLNFPLQG----AEQTADVSGPSQID---TSGMLKETPRRRR :	707
AnAP2/ERF126	: ------------------------------------QPKPKKYRGVRQRPWGKWAAEIRDPRKG----VRVWLGTFETAEEAALAYDRAAFAMRGSKA-----------KLNFPLSSGSD--- :	169
AnAP2/ERF127	: ---SFLRTSTPLHELECST-LSLYTNTLAAATDPRRKRRKYRGVRQRPWGKWAAEIRDPRKG----ARVWLGTFETAEDAAVAYDRAAFRMRGAKA-----------KLNFPIDISLPPSIKATCLAVD--------IACKLER :	126
AnAP2/ERF128	: ------------------------------------MRKA-RRKYRGVRQRPWGKWAAEIRDPSKG----VRVWLGTFETAEEAALAYDRAAFRMRGSKA-----------KLNFPNTPP---- :	70
AnAP2/ERF129	: ------------------------------------MRKP-QRKYRGVRQRPWGKWAAEIRDPSKG----VRVWLGTFETAEEAALAYDRAAFRMRGSKA-----------KLNFPNTPP---- :	70
AnAP2/ERF130	: EEALLNFETR---LEQNGPPILPT--HPRVCCSNKKSKRYRGVRQRPWGKWAAEIRDPSKG----VRVWLGTFETAEEAALAYDRAAFRMRGSKA-----------KLNFPGRKRNG--DATSYAVKLEYSQFVQRERSGTFSEAPRKKR :	660
AnAP2/ERF131	: KLLFQGDDCHLLSWKPPSQTN----------------KKRHSYRGVRQRPWGKWAAEIRDPSKG----VRVWLGTFETAEEAALAYDRAAFRMRGSKA-----------KLNFPLSGSD--- :	137
AnAP2/ERF132	: EEALLNFETR---LEQNGPPILPT--HPRVCCSNKKSKRYRGVRQRPWGKWAAEIRDPSKG----VRVWLGTFETAEEAALAYDRAAFRMRGSKA-----------KLNFPGRKRNG--DATSYAVKLEYSQFVQRERSGTFSEAPRKKR :	682
AnAP2/ERF133	: KLLFQGDDCHLLSWKPPSQTN----------------KKRHSYRGVRQRPWGKWAAEIRDPSKG----VRVWLGTFETAEEAALAYDRAAFRMRGSKA-----------KLNFPLSGS---- :	136
AnAP2/ERF134	: ------------------------------------QPKPKKYRGVRQRPWGKWAAEIRDPRKG----VRVWLGTFETAEEAALAYDRAAFAMRGSKA-----------KLNFPLDIDEHE---- :	120
AnAP2/ERF135	: ---SFLRTSTPLHELECSTGLSLHTDALAAAAPSPRRKRRKYRGVRQRPWGKWAAEIRDPRKG----ARVWLGTFETAEDAAVAYDRAAFRMRGAKA-----------KLNFPIDISLPPSIKATCLAVD--------IACKLER :	128
AnAP2/ERF136	: KLSGTLPCEEGGLNIATCEDSLEMDKSNVSSNGRVRRYRGVRRRPWGKWAAEIRDPAKG----VRVWLGTFDTAEEAAMAYDRAAYRMRGSKA-----------KLNFPLLPSSSLPPSANVKSHNQPQ--- :	414
AnAP2/ERF137	: VANISCAFGGNSSGADSNGRRLSGCTESVKLSAQRKKRYRGVRQRPWGKWAAEIRDPSKG----VRVWLGTFNTAEEAALAYDRAAFRMRGSKA-----------KLNFPKAVKHSD-----AEELFLN----- :	253
AnAP2/ERF138	: KLSGTLPCEEGGLNIATCEDSLEMDKSNVSSNGRVRRYRGVRRRPWGKWAAEIRDPAKG----VRVWLGTFDTAEEAAMAYDRAAYRMRGSKA-----------KLNFPLLPSSSLPPSANVKSHNQPQ--- :	134
AnAP2/ERF139	: KLGGTLPCEEGGLNIATCEDSLEMDKSNVSSNGRVRRYRGVRRRPWGKWAAEIRDPAKG----VRVWLGTFDTAEEAAMAYDRAAYRMRGSKA-----------KLNFPLLPSSSLPPSANVKSHNQPQ--- :	414
AnAP2/ERF140	: NTYEAELEEMKRMTQREYVASLRRKSSGFSRGASVYRGVRQRPWGKWAAEIRDPSRG----VRVWLGTYDTAEEAARAYDRAAIKFRGVKA-----------KTNFPITDTSRYDVERICSSSSLVVDALAR--- :	666
AnAP2/ERF141	: ----------------------MPAPPIEIMKLSTQ-PRKKRYRGVRQRPWGKWAAEIRDPSKG----VRVWLGTFETAEEAALAYDRAAFKMRGSKA-----------KLNFPHQASTHDSSEQQRIEEAFLN--- :	177
AnAP2/ERF142	: VANISCAFGGNSSGADSNGRRLSGCTESVKLSAQRKKRYRGVRQRPWGKWAAEIRDPSKG----VRVWLGTFNTAEEAALAYDRAAFRMRGSKA-----------KLNFPKAVKHSD-----AEELFLN----- :	253
AnAP2/ERF143	: ----------------------MPAPPIEIMKLSTQ-PRKKRYRGVRQRPWGKWAAEIRDPSKG----VRVWLGTFETAEEAALAYDRAAFKMRGSKA-----------KLNFPHQASTHDSSEQQRIEEAFLN--- :	177
AnAP2/ERF144	: NTYEAELEEMKRMTQREYVASLRRKSSGFSRGASVYRGVRQRPWGKWAAEIRDPSRG----VRVWLGTYDTAEEAARAYDRAAIKFRGVKA-----------KTNFPITDTSRYDVERICSSSSLVVDALAR--- :	666
AnAP2/ERF145	: ----GKGLSHSRKSSQ-----------------------------------------------------------------------------------------FGTNLDALGVKSLTS--- :	217
AnAP2/ERF146	: ----GKGLSHARKSSQ-----------------------------------------------------------------------------------------FGTNLDALGGKSLTS--- :	368
AnAP2/ERF147	: ENYQKELEEMKNMTKQELVASLRRKSSGFSRGASMYRGVRQRPWGKWAAEIRDPSRG----VRVWLGTFDTAEEAARAYDRAAIKFRGAKA-----------KTNFPIDMSRYDVDKICDSTTYIYLSLPVH-----AMRRAGVPDLING :	582
AnAP2/ERF148	: ENYQKELEEMKNMTKQELVASLRRKSSGFSRGASMYRGVRQRPWGKWAAEIRDPSRG----VRVWLGTFDTAEEAARAYDRAAIKFRGAKA-----------KTNFPIDMSRYDVEKICDSTTYIYLSLPVH-----AMRRAGVPDLMNG- :	582
AnAP2/ERF149	: ENYQKELEEMKNMTKQELVASLRRKSSGFSRGASMYRGVRQRPWGKWAAEIRDPSRG----VRVWLGTFDTAEEAARAYDRAAIKFRGAKA-----------KTNFPIDMSRYDVEKICDSTTYIYLSLPVH-----AMRRAGVPDLIND :	377
AnAP2/ERF150	: TDYEKELEEMKNMTRQEFVASLRRKSSGFSRGASIYRGVRQRPWGKWAAEIRDPSRG----VRVWLGTFDTAEEAARAYDRAAIKFRGVNA-----------KTNFPIDMSDYDIAKICDSS-SNNLPLNALAKRIADDSLVDGRR :	637
AnAP2/ERF151	: TDYEKELEEMKNMTRQEFVASLRRKSSGFSRGASIYRGVRQRPWGKWAAEIRDPSRG----VRVWLGTFDTAEEAARAYDRAAIKFRGVNA-----------KTNFPIDMSDYDIAKICDSS-SNNLPLNALAKRIADDSLVDGRR :	639
AnAP2/ERF152	: EDYEKELEEMKNMTKQEFVASLRRKSSGFSRGASIYRGVRQRPWGKWAAEIRDPSRG----VRVWLGTFDTAEEAARAYDRAAIKFRGVNA-----------KTNFPIDMSRYDIAKICDS-STSLPITTLAKRMLKDDSELPNLSC :	686
AnAP2/ERF153	: EDYEKELEEMKNMTKQEFVASLRRKSSGFSRGASIYRGVRQRPWGKWAAEIRDPSRG----VRVWLGTFDTAEEAARAYDRAAIKFRGVNA-----------KTNFPIDMSRYDIAKICDS-STSLPITTLAKRMLKDDSELPNLSC :	689
AnAP2/ERF154	: EDYEKELEEMKNMTKQEFVASLRRKSSGFSRGASIYRGVRQRPWGKWAAEIRDPSRG----VRVWLGTFDTAEEAARAYDRAAIKFRGVNA-----------KTNFPIDMSRYDIAKICDS-STSLPITTLAKRMLKDDSELPNLSC :	554
AnAP2/ERF155	: STYEKELEEMKNMTKQELVASLRRKSSGFSRGASVYRGVRQRPWGKWAAEIRDPSRG----VRVWLGTFNTAEEAARAYDRAAIKFRGVKA-----------KTNFPIDMSRYDIKRICSSSTLLLGEQAR-------- :	810
AnAP2/ERF156	: STYEKELEEMKNMTKQELVASLRRKSSGFSRGASVYRGVRQRPWGKWAAEIRDPSRG----VRVWLGTFNTAEEAARAYDRAAIKFRGVKA-----------KTNFPIDMSRYDIKRICSSSTLLLGEQAR-------- :	796
AnAP2/ERF157	: SDYEDDMKQMGLTKDEFVHILRRQSTGFSRGSSKYRGVTLHKG-RWEARMGQFLGKKYVYLGLFDTEVEAARAYDRAAIRCRGVNA-----------KTNFPIDPNSYEEDLFTEAN-NGLEQTLELSLSGSIQTTMQPEEAS :	448
AnAP2/ERF158	: SDYEDDMKQMGLTKDEFVHILRRQSTGFSRGSSKYRGVTLHKG-RWEARMGQFLGKKYVYLGLFDTEVEAARAYDRAAIRCRGVNA-----------KTNFPIDPNSYEEDLFTEAN-NGLEQTLELSLSGSIQTTMQPEEAS :	449
AnAP2/ERF159	: TDYTKDIEEMQNMTREEYIASLRRKSSGFSRGVSKYRGVARHHHNG-RWEARIGRVAGNKYLYLGTYSTQEEAAKAYDIAAIEYRGLNA-----------KTNFPIDYSNYLRPS--- :	222
AnAP2/ERF160	: ENYKEKATDEMQNMTKEEFVASLRRKSSGFSRGVSKYRGVARHHHNG-RWEARIGRVAGNKYLYLGTYSTQEEAAKAYDIAAIEYRGLNA-----------KTNFPIDMSNYLRCMKSGGQLLMNILPCTDHVKVRD---- :	260
AnAP2/ERF161	: ENYQKEIEEMQNYTREEYIASLRRKSSGFSRGVSKYRGVARHHHNG-RWEARIGRVAGNKYLYLGTYSTQEEAAKAYDIAASKPFQIKIVARM- :	222
AnAP2/ERF162	: TDYTKDIEEMQNYTREEYIASLRRKSSGFSRGVSKYRGVARHHHNG-RWEARIGRVAGNKYLYLGTYSTQEEAAKAYDIAAIEYRGLNA-----------KTNFPLSRYIR-------WLRPS--- :	260
AnAP2/ERF163	: SDYESEIKQMNTVSKEEFVHILRRQSMGFSRGSSKYRGVTLHKG-RWEARMGQFLGKKYVYLGLFDTEVEAARAYDRAAIRCRGVNA-----------KTNFPLGNYEPLTKDDLKKLSKESVSNVPPDDDLELSLG--- :	432
AP2/ERF domain
